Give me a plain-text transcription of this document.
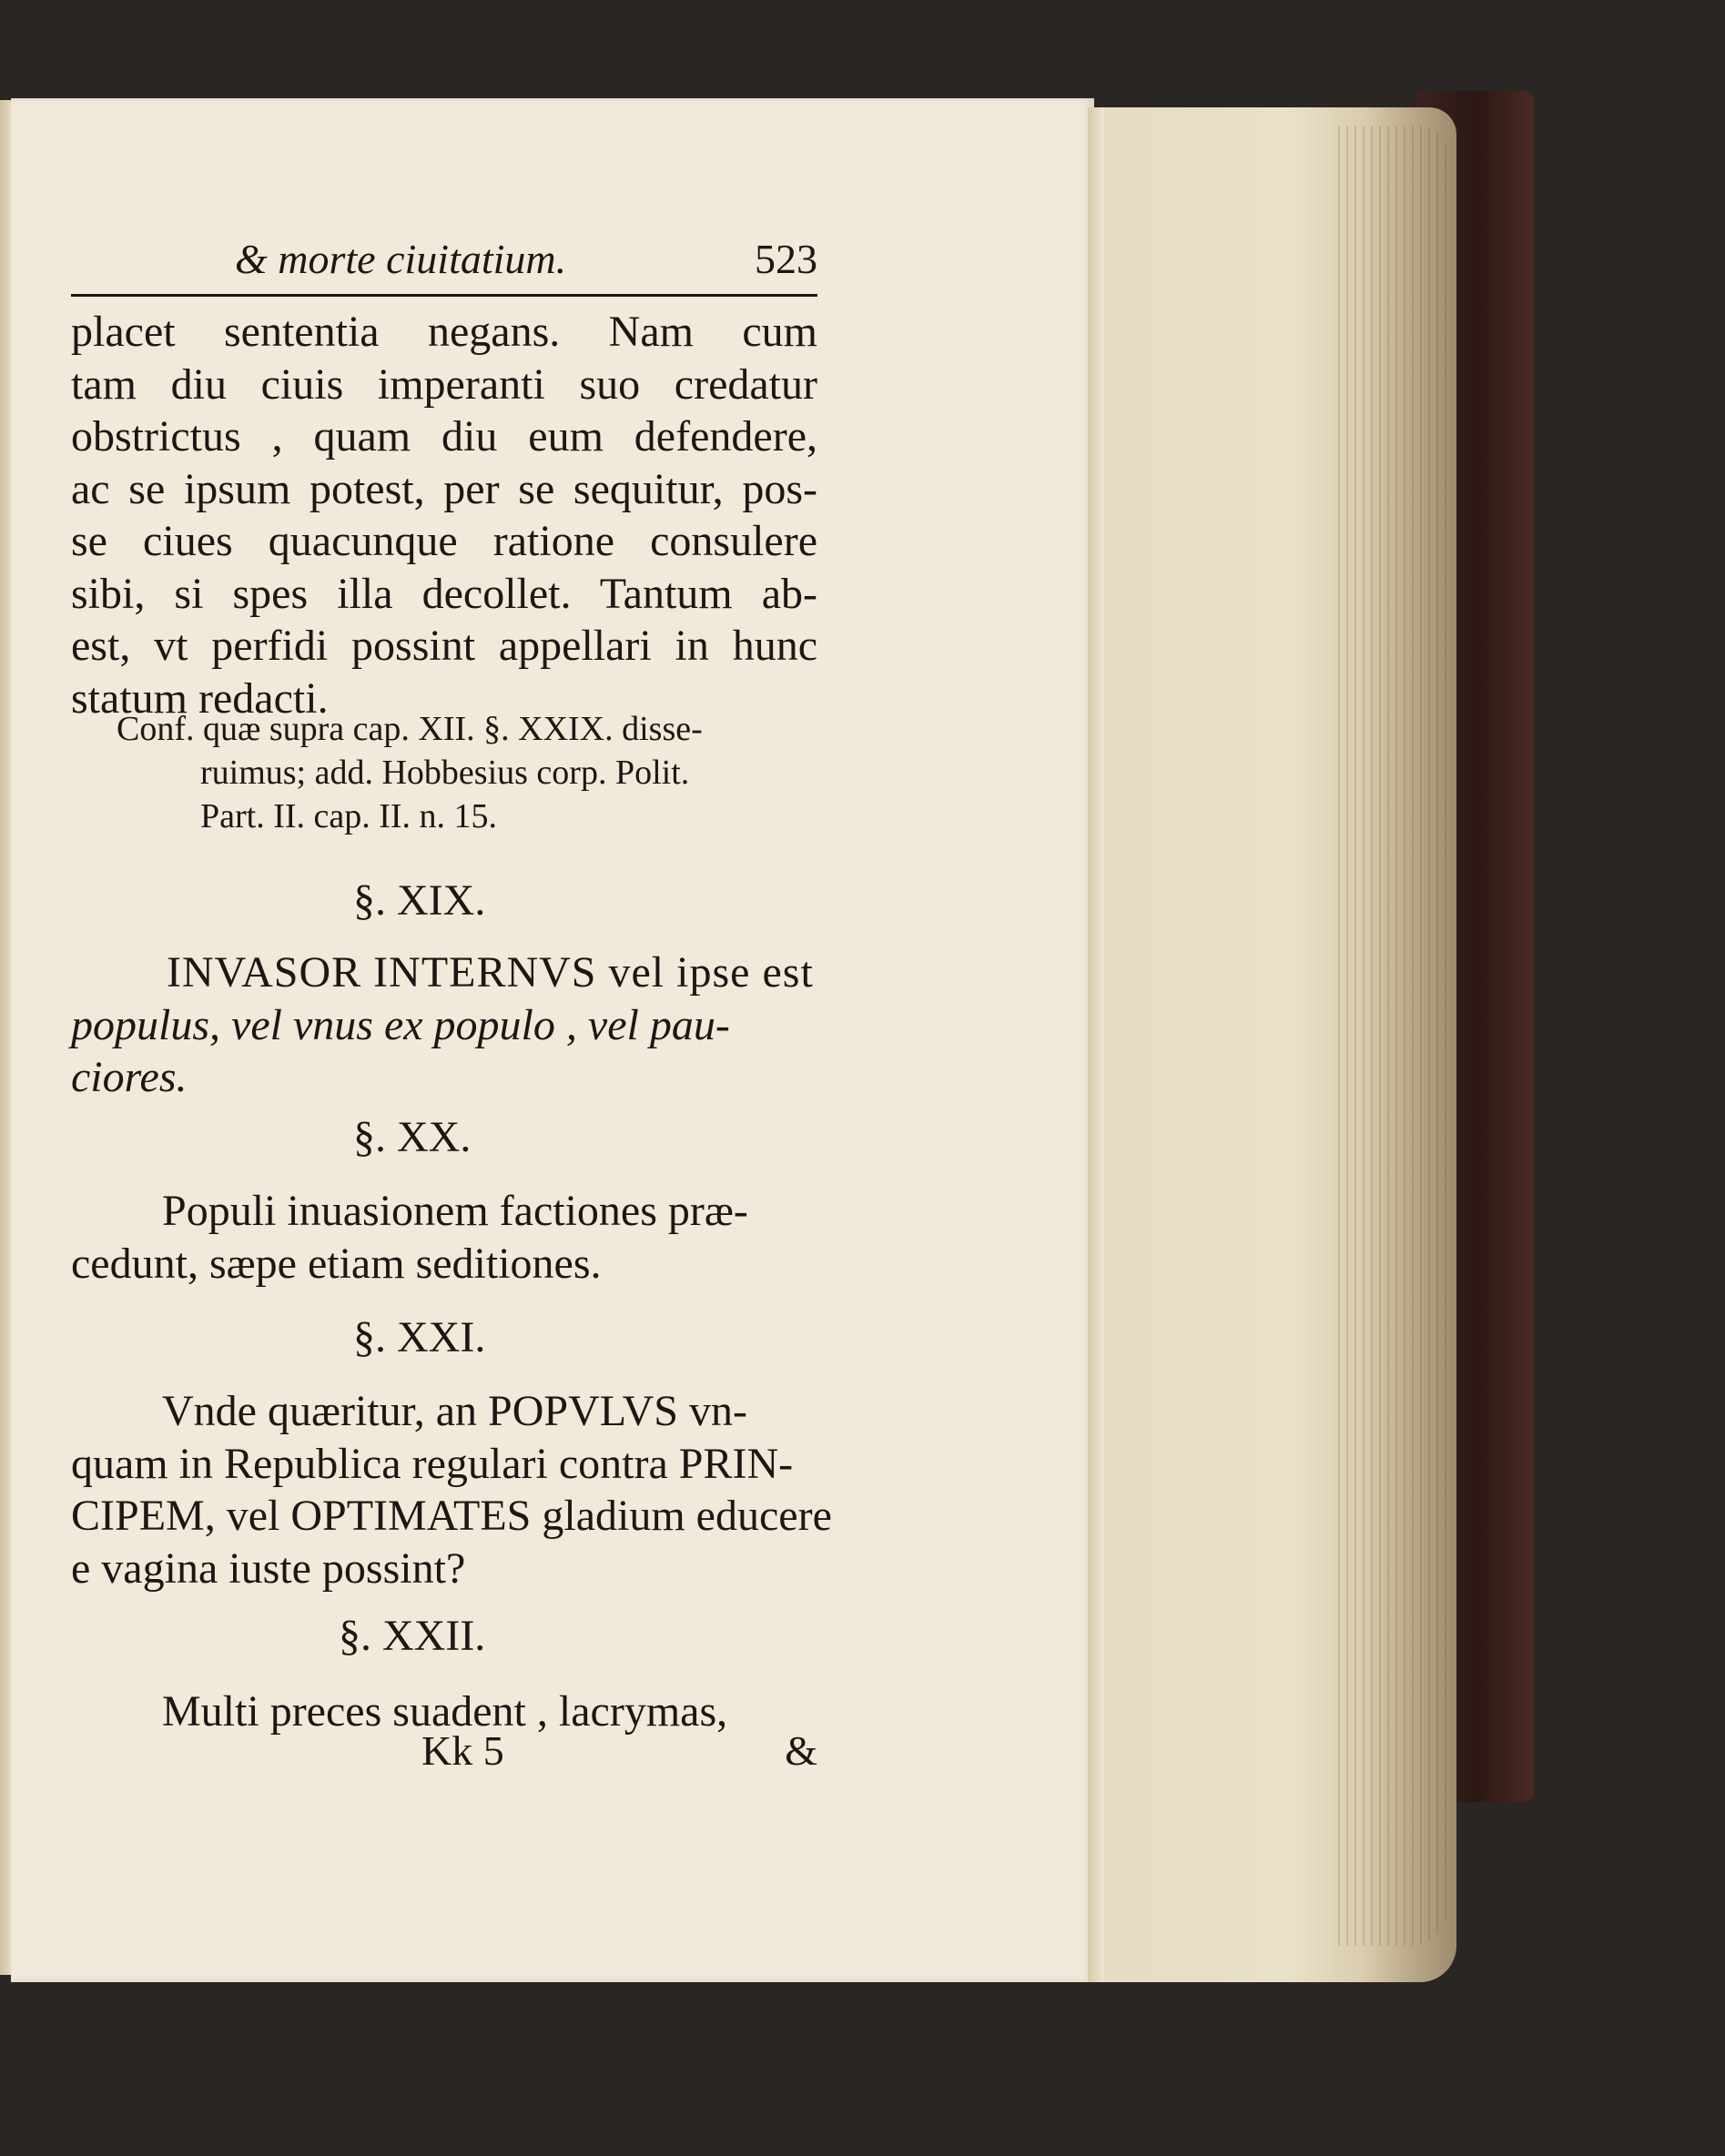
& morte ciuitatium.	523
placet sententia negans. Nam cum
tam diu ciuis imperanti suo credatur
obstrictus , quam diu eum defendere,
ac se ipsum potest, per se sequitur, pos-
se ciues quacunque ratione consulere
sibi, si spes illa decollet. Tantum ab-
est, vt perfidi possint appellari in hunc
statum redacti.
Conf. quæ supra cap. XII. §. XXIX. disse-
ruimus; add. Hobbesius corp. Polit.
Part. II. cap. II. n. 15.
§. XIX.
INVASOR INTERNVS vel ipse est
populus, vel vnus ex populo , vel pau-
ciores.
§. XX.
Populi inuasionem factiones præ-
cedunt, sæpe etiam seditiones.
§. XXI.
Vnde quæritur, an POPVLVS vn-
quam in Republica regulari contra PRIN-
CIPEM, vel OPTIMATES gladium educere
e vagina iuste possint?
§. XXII.
Multi preces suadent , lacrymas,
Kk 5	&
